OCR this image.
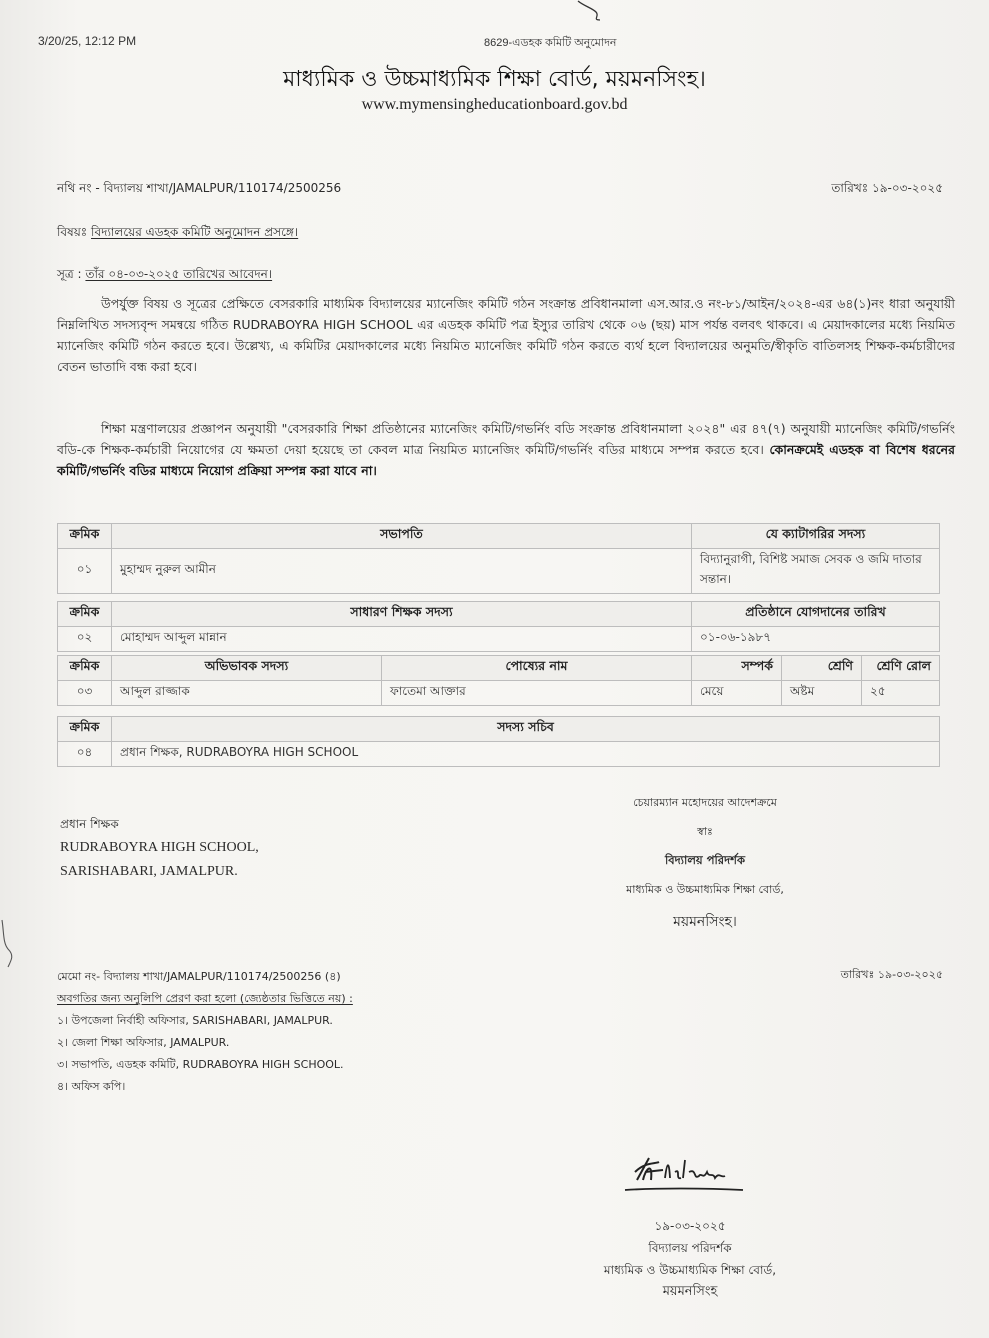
3/20/25, 12:12 PM	8629-এডহক কমিটি অনুমোদন
মাধ্যমিক ও উচ্চমাধ্যমিক শিক্ষা বোর্ড, ময়মনসিংহ।
www.mymensingheducationboard.gov.bd
নথি নং - বিদ্যালয় শাখা/JAMALPUR/110174/2500256	তারিখঃ ১৯-০৩-২০২৫
বিষয়ঃ বিদ্যালয়ের এডহক কমিটি অনুমোদন প্রসঙ্গে।
সূত্র : তাঁর ০৪-০৩-২০২৫ তারিখের আবেদন।

উপর্যুক্ত বিষয় ও সূত্রের প্রেক্ষিতে বেসরকারি মাধ্যমিক বিদ্যালয়ের ম্যানেজিং কমিটি গঠন সংক্রান্ত প্রবিধানমালা এস.আর.ও নং-৮১/আইন/২০২৪-এর ৬৪(১)নং ধারা অনুযায়ী নিম্নলিখিত সদস্যবৃন্দ সমন্বয়ে গঠিত RUDRABOYRA HIGH SCHOOL এর এডহক কমিটি পত্র ইস্যুর তারিখ থেকে ০৬ (ছয়) মাস পর্যন্ত বলবৎ থাকবে। এ মেয়াদকালের মধ্যে নিয়মিত ম্যানেজিং কমিটি গঠন করতে হবে। উল্লেখ্য, এ কমিটির মেয়াদকালের মধ্যে নিয়মিত ম্যানেজিং কমিটি গঠন করতে ব্যর্থ হলে বিদ্যালয়ের অনুমতি/স্বীকৃতি বাতিলসহ শিক্ষক-কর্মচারীদের বেতন ভাতাদি বন্ধ করা হবে।

শিক্ষা মন্ত্রণালয়ের প্রজ্ঞাপন অনুযায়ী "বেসরকারি শিক্ষা প্রতিষ্ঠানের ম্যানেজিং কমিটি/গভর্নিং বডি সংক্রান্ত প্রবিধানমালা ২০২৪" এর ৪৭(৭) অনুযায়ী ম্যানেজিং কমিটি/গভর্নিং বডি-কে শিক্ষক-কর্মচারী নিয়োগের যে ক্ষমতা দেয়া হয়েছে তা কেবল মাত্র নিয়মিত ম্যানেজিং কমিটি/গভর্নিং বডির মাধ্যমে সম্পন্ন করতে হবে। কোনক্রমেই এডহক বা বিশেষ ধরনের কমিটি/গভর্নিং বডির মাধ্যমে নিয়োগ প্রক্রিয়া সম্পন্ন করা যাবে না।

ক্রমিক	সভাপতি	যে ক্যাটাগরির সদস্য
০১	মুহাম্মদ নুরুল আমীন	বিদ্যানুরাগী, বিশিষ্ট সমাজ সেবক ও জমি দাতার সন্তান।
ক্রমিক	সাধারণ শিক্ষক সদস্য	প্রতিষ্ঠানে যোগদানের তারিখ
০২	মোহাম্মদ আব্দুল মান্নান	০১-০৬-১৯৮৭
ক্রমিক	অভিভাবক সদস্য	পোষ্যের নাম	সম্পর্ক	শ্রেণি	শ্রেণি রোল
০৩	আব্দুল রাজ্জাক	ফাতেমা আক্তার	মেয়ে	অষ্টম	২৫
ক্রমিক	সদস্য সচিব
০৪	প্রধান শিক্ষক, RUDRABOYRA HIGH SCHOOL
প্রধান শিক্ষক
RUDRABOYRA HIGH SCHOOL,
SARISHABARI, JAMALPUR.
চেয়ারম্যান মহোদয়ের আদেশক্রমে
স্বাঃ
বিদ্যালয় পরিদর্শক
মাধ্যমিক ও উচ্চমাধ্যমিক শিক্ষা বোর্ড,
ময়মনসিংহ।
মেমো নং- বিদ্যালয় শাখা/JAMALPUR/110174/2500256 (৪)
অবগতির জন্য অনুলিপি প্রেরণ করা হলো (জ্যেষ্ঠতার ভিত্তিতে নয়) :
১। উপজেলা নির্বাহী অফিসার, SARISHABARI, JAMALPUR.
২। জেলা শিক্ষা অফিসার, JAMALPUR.
৩। সভাপতি, এডহক কমিটি, RUDRABOYRA HIGH SCHOOL.
৪। অফিস কপি।
তারিখঃ ১৯-০৩-২০২৫
১৯-০৩-২০২৫
বিদ্যালয় পরিদর্শক
মাধ্যমিক ও উচ্চমাধ্যমিক শিক্ষা বোর্ড,
ময়মনসিংহ
